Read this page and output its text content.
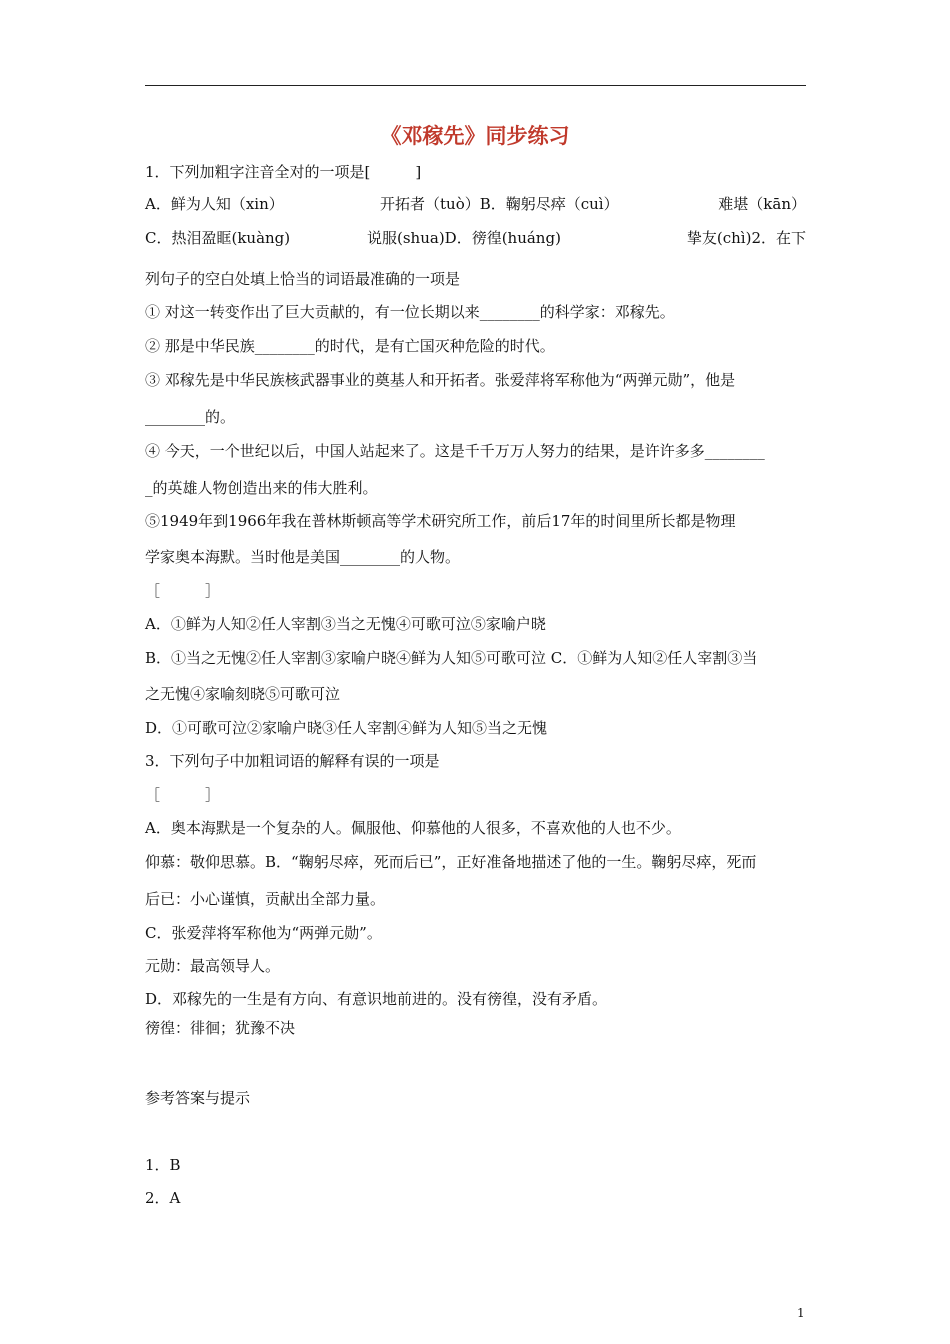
《邓稼先》同步练习
1．下列加粗字注音全对的一项是[　　　]
A．鲜为人知（xin）	开拓者（tuò）B．鞠躬尽瘁（cuì）	难堪（kān）
C．热泪盈眶(kuàng)	说服(shua)D．徬徨(huáng)	挚友(chì)2．在下
列句子的空白处填上恰当的词语最准确的一项是
① 对这一转变作出了巨大贡献的，有一位长期以来________的科学家：邓稼先。
② 那是中华民族________的时代，是有亡国灭种危险的时代。
③ 邓稼先是中华民族核武器事业的奠基人和开拓者。张爱萍将军称他为“两弹元勋”，他是
________的。
④ 今天，一个世纪以后，中国人站起来了。这是千千万万人努力的结果，是许许多多________
_的英雄人物创造出来的伟大胜利。
⑤1949年到1966年我在普林斯顿高等学术研究所工作，前后17年的时间里所长都是物理
学家奥本海默。当时他是美国________的人物。
［　　　］
A．①鲜为人知②任人宰割③当之无愧④可歌可泣⑤家喻户晓
B．①当之无愧②任人宰割③家喻户晓④鲜为人知⑤可歌可泣 C．①鲜为人知②任人宰割③当
之无愧④家喻刻晓⑤可歌可泣
D．①可歌可泣②家喻户晓③任人宰割④鲜为人知⑤当之无愧
3．下列句子中加粗词语的解释有误的一项是
［　　　］
A．奥本海默是一个复杂的人。佩服他、仰慕他的人很多，不喜欢他的人也不少。
仰慕：敬仰思慕。B．“鞠躬尽瘁，死而后已”，正好准备地描述了他的一生。鞠躬尽瘁，死而
后已：小心谨慎，贡献出全部力量。
C．张爱萍将军称他为“两弹元勋”。
元勋：最高领导人。
D．邓稼先的一生是有方向、有意识地前进的。没有徬徨，没有矛盾。
徬徨：徘徊；犹豫不决
参考答案与提示
1．B
2．A
1
